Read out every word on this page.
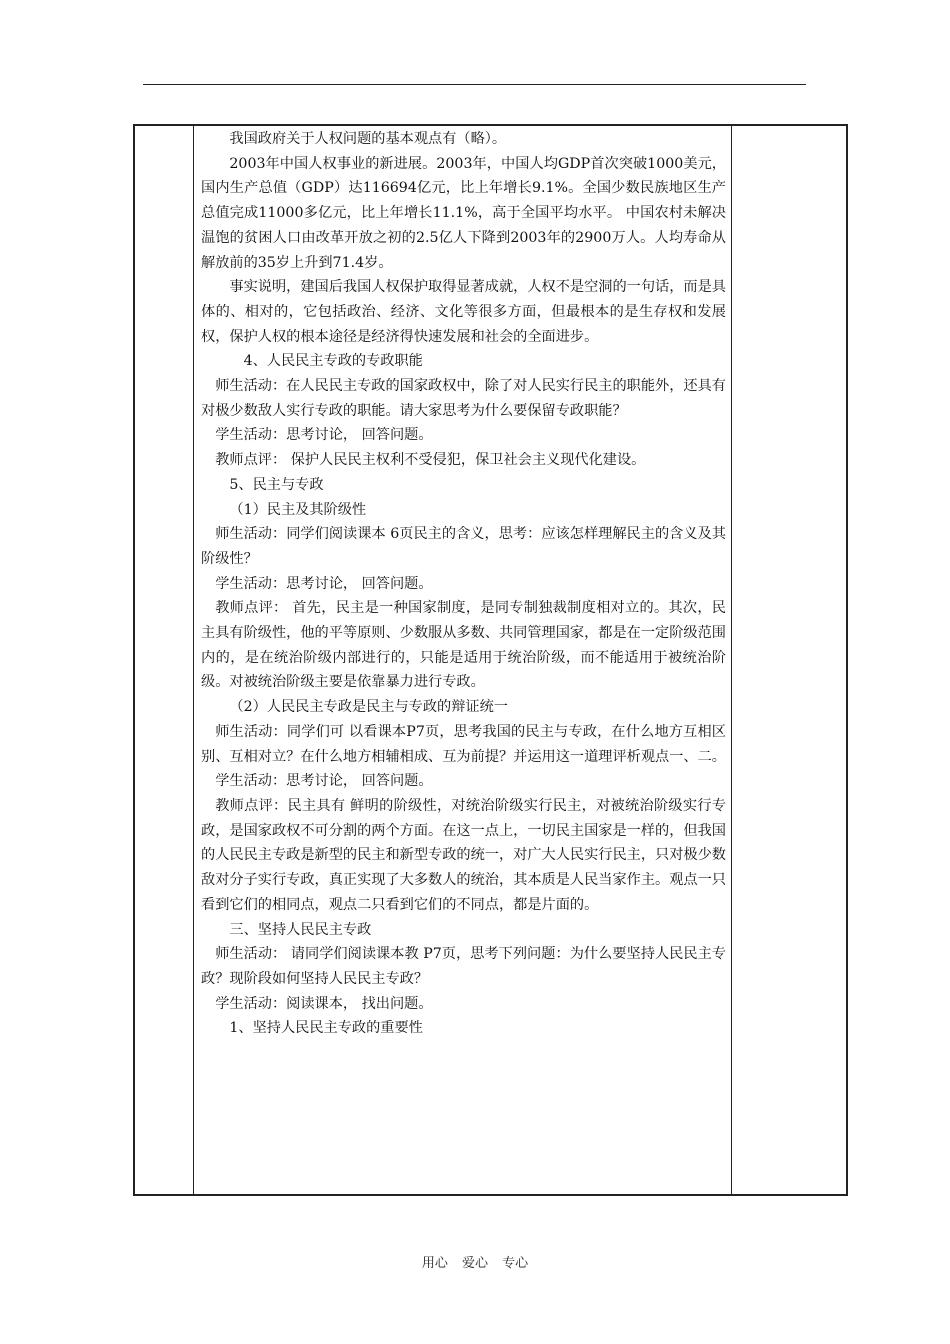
我国政府关于人权问题的基本观点有（略）。

2003年中国人权事业的新进展。2003年，中国人均GDP首次突破1000美元，国内生产总值（GDP）达116694亿元，比上年增长9.1%。全国少数民族地区生产总值完成11000多亿元，比上年增长11.1%，高于全国平均水平。 中国农村未解决温饱的贫困人口由改革开放之初的2.5亿人下降到2003年的2900万人。人均寿命从解放前的35岁上升到71.4岁。

事实说明，建国后我国人权保护取得显著成就，人权不是空洞的一句话，而是具体的、相对的，它包括政治、经济、文化等很多方面，但最根本的是生存权和发展权，保护人权的根本途径是经济得快速发展和社会的全面进步。

4、人民民主专政的专政职能

师生活动：在人民民主专政的国家政权中，除了对人民实行民主的职能外，还具有对极少数敌人实行专政的职能。请大家思考为什么要保留专政职能？

学生活动：思考讨论， 回答问题。

教师点评： 保护人民民主权利不受侵犯，保卫社会主义现代化建设。

5、民主与专政

（1）民主及其阶级性

师生活动：同学们阅读课本 6页民主的含义，思考：应该怎样理解民主的含义及其阶级性？

学生活动：思考讨论， 回答问题。

教师点评： 首先，民主是一种国家制度，是同专制独裁制度相对立的。其次，民主具有阶级性，他的平等原则、少数服从多数、共同管理国家，都是在一定阶级范围内的，是在统治阶级内部进行的，只能是适用于统治阶级，而不能适用于被统治阶级。对被统治阶级主要是依靠暴力进行专政。

（2）人民民主专政是民主与专政的辩证统一

师生活动：同学们可 以看课本P7页，思考我国的民主与专政，在什么地方互相区别、互相对立？在什么地方相辅相成、互为前提？并运用这一道理评析观点一、二。

学生活动：思考讨论， 回答问题。

教师点评：民主具有 鲜明的阶级性，对统治阶级实行民主，对被统治阶级实行专政，是国家政权不可分割的两个方面。在这一点上，一切民主国家是一样的，但我国的人民民主专政是新型的民主和新型专政的统一，对广大人民实行民主，只对极少数敌对分子实行专政，真正实现了大多数人的统治，其本质是人民当家作主。观点一只看到它们的相同点，观点二只看到它们的不同点，都是片面的。

三、坚持人民民主专政

师生活动： 请同学们阅读课本教 P7页，思考下列问题：为什么要坚持人民民主专政？现阶段如何坚持人民民主专政？

学生活动：阅读课本， 找出问题。

1、坚持人民民主专政的重要性

用心 爱心 专心
